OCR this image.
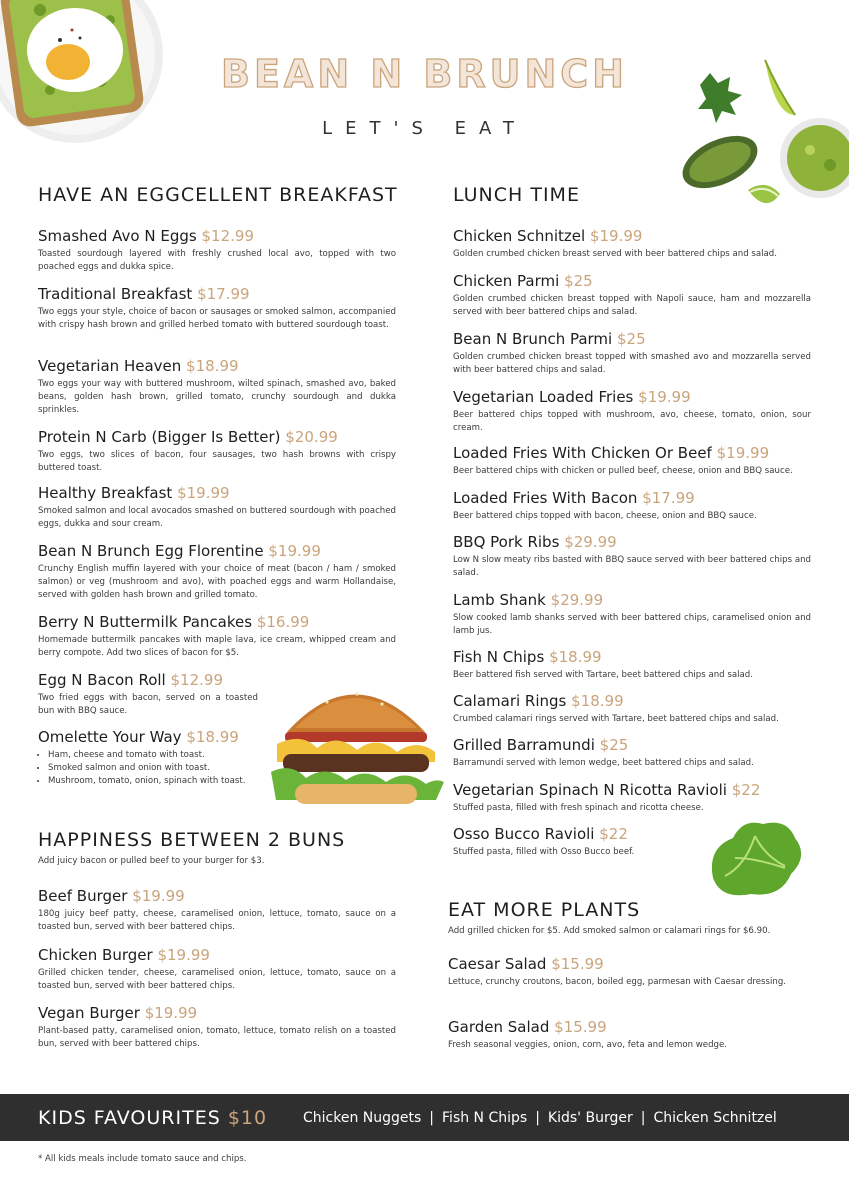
BEAN N BRUNCH
LET'S EAT
HAVE AN EGGCELLENT BREAKFAST
Smashed Avo N Eggs $12.99
Toasted sourdough layered with freshly crushed local avo, topped with two poached eggs and dukka spice.
Traditional Breakfast $17.99
Two eggs your style, choice of bacon or sausages or smoked salmon, accompanied with crispy hash brown and grilled herbed tomato with buttered sourdough toast.
Vegetarian Heaven $18.99
Two eggs your way with buttered mushroom, wilted spinach, smashed avo, baked beans, golden hash brown, grilled tomato, crunchy sourdough and dukka sprinkles.
Protein N Carb (Bigger Is Better) $20.99
Two eggs, two slices of bacon, four sausages, two hash browns with crispy buttered toast.
Healthy Breakfast $19.99
Smoked salmon and local avocados smashed on buttered sourdough with poached eggs, dukka and sour cream.
Bean N Brunch Egg Florentine $19.99
Crunchy English muffin layered with your choice of meat (bacon / ham / smoked salmon) or veg (mushroom and avo), with poached eggs and warm Hollandaise, served with golden hash brown and grilled tomato.
Berry N Buttermilk Pancakes $16.99
Homemade buttermilk pancakes with maple lava, ice cream, whipped cream and berry compote. Add two slices of bacon for $5.
Egg N Bacon Roll $12.99
Two fried eggs with bacon, served on a toasted bun with BBQ sauce.
Omelette Your Way $18.99
• Ham, cheese and tomato with toast.
• Smoked salmon and onion with toast.
• Mushroom, tomato, onion, spinach with toast.
HAPPINESS BETWEEN 2 BUNS
Add juicy bacon or pulled beef to your burger for $3.
Beef Burger $19.99
180g juicy beef patty, cheese, caramelised onion, lettuce, tomato, sauce on a toasted bun, served with beer battered chips.
Chicken Burger $19.99
Grilled chicken tender, cheese, caramelised onion, lettuce, tomato, sauce on a toasted bun, served with beer battered chips.
Vegan Burger $19.99
Plant-based patty, caramelised onion, tomato, lettuce, tomato relish on a toasted bun, served with beer battered chips.
LUNCH TIME
Chicken Schnitzel $19.99
Golden crumbed chicken breast served with beer battered chips and salad.
Chicken Parmi $25
Golden crumbed chicken breast topped with Napoli sauce, ham and mozzarella served with beer battered chips and salad.
Bean N Brunch Parmi $25
Golden crumbed chicken breast topped with smashed avo and mozzarella served with beer battered chips and salad.
Vegetarian Loaded Fries $19.99
Beer battered chips topped with mushroom, avo, cheese, tomato, onion, sour cream.
Loaded Fries With Chicken Or Beef $19.99
Beer battered chips with chicken or pulled beef, cheese, onion and BBQ sauce.
Loaded Fries With Bacon $17.99
Beer battered chips topped with bacon, cheese, onion and BBQ sauce.
BBQ Pork Ribs $29.99
Low N slow meaty ribs basted with BBQ sauce served with beer battered chips and salad.
Lamb Shank $29.99
Slow cooked lamb shanks served with beer battered chips, caramelised onion and lamb jus.
Fish N Chips $18.99
Beer battered fish served with Tartare, beet battered chips and salad.
Calamari Rings $18.99
Crumbed calamari rings served with Tartare, beet battered chips and salad.
Grilled Barramundi $25
Barramundi served with lemon wedge, beet battered chips and salad.
Vegetarian Spinach N Ricotta Ravioli $22
Stuffed pasta, filled with fresh spinach and ricotta cheese.
Osso Bucco Ravioli $22
Stuffed pasta, filled with Osso Bucco beef.
EAT MORE PLANTS
Add grilled chicken for $5. Add smoked salmon or calamari rings for $6.90.
Caesar Salad $15.99
Lettuce, crunchy croutons, bacon, boiled egg, parmesan with Caesar dressing.
Garden Salad $15.99
Fresh seasonal veggies, onion, corn, avo, feta and lemon wedge.
KIDS FAVOURITES $10	Chicken Nuggets | Fish N Chips | Kids' Burger | Chicken Schnitzel
* All kids meals include tomato sauce and chips.
